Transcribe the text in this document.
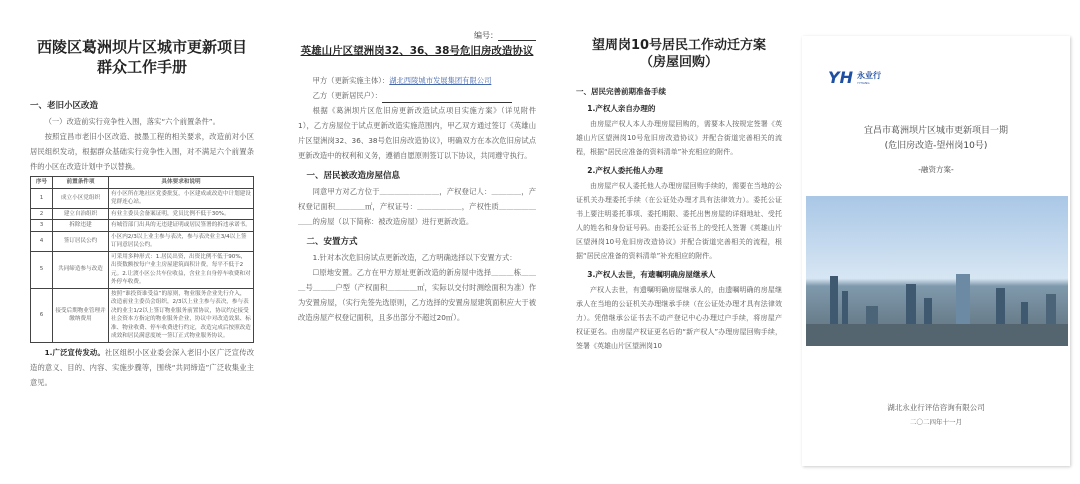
西陵区葛洲坝片区城市更新项目
群众工作手册
一、老旧小区改造
（一）改造前实行竞争性入围，落实“六个前置条件”。
按照宜昌市老旧小区改造、披墨工程的相关要求，改造前对小区居民组织发动，根据群众基础实行竞争性入围，对不满足六个前置条件的小区在改造计划中予以替换。
序号	前置条件项	具体要求和说明
1	成立小区党组织	有小区所在地社区党委批复，小区建成或改造中计划建设党群连心站。
2	建立自治组织	有业主委员会备案证明，党员比例不低于30%。
3	拆除违建	有城管部门出具的无违建证明或居民签署的拆违承诺书。
4	签订居民公约	小区内2/3以上业主参与表决，参与表决业主3/4以上签订同意居民公约。
5	共同缔造参与改造	可采用多种形式：1.居民出资，出资比例不低于90%，出资数额按每户业主房屋建筑面积计费，每平不低于2元。2.让渡小区公共车位收益，含业主自身停车收费和对外停车收费。
6	接受后期物业管理并缴纳费用	按照“谁投资谁受益”的原则，物业服务企业先行介入，改造前业主委员会组织，2/3以上业主参与表决，参与表决的业主1/2以上签订物业服务前置协议，协议约定接受社会资本方指定的物业服务企业，协议中对改造效果、标准、物业收费、停车收费进行约定，改造完成后按照改造成效和居民满意度统一签订正式物业服务协议。
1.广泛宣传发动。社区组织小区业委会深入老旧小区广泛宣传改造的意义、目的、内容、实施步骤等，围绕“共同缔造”广泛收集业主意见。
编号：
英雄山片区望洲岗32、36、38号危旧房改造协议
甲方（更新实施主体）：湖北西陵城市发展集团有限公司
乙方（更新居民户）：
根据《葛洲坝片区危旧房更新改造试点项目实施方案》（详见附件1），乙方房屋位于试点更新改造实施范围内，甲乙双方通过签订《英雄山片区望洲岗32、36、38号危旧房改造协议》，明确双方在本次危旧房试点更新改造中的权利和义务，遵循自愿原则签订以下协议，共同遵守执行。
一、居民被改造房屋信息
同意甲方对乙方位于＿＿＿＿＿＿＿＿，产权登记人：＿＿＿＿，产权登记面积＿＿＿＿㎡，产权证号：＿＿＿＿＿＿，产权性质＿＿＿＿＿＿＿的房屋（以下简称：被改造房屋）进行更新改造。
二、安置方式
1.针对本次危旧房试点更新改造，乙方明确选择以下安置方式：
☐原地安置。乙方在甲方原址更新改造的新房屋中选择＿＿＿栋＿＿＿号＿＿＿户型（产权面积＿＿＿＿㎡，实际以交付时测绘面积为准）作为安置房屋，（实行先签先选原则，乙方选择的安置房屋建筑面积应大于被改造房屋产权登记面积，且多出部分不超过20㎡）。
望周岗10号居民工作动迁方案
（房屋回购）
一、居民完善前期准备手续
1.产权人亲自办理的
由房屋产权人本人办理房屋回购的，需要本人按规定签署《英雄山片区望洲岗10号危旧房改造协议》并配合街道完善相关的流程，根据“居民应准备的资料清单”补充相应的附件。
2.产权人委托他人办理
由房屋产权人委托他人办理房屋回购手续的，需要在当地的公证机关办理委托手续（在公证处办理才具有法律效力）。委托公证书上要注明委托事项、委托期限、委托出售房屋的详细地址、受托人的姓名和身份证号码。由委托公证书上的受托人签署《英雄山片区望洲岗10号危旧房改造协议》并配合街道完善相关的流程，根据“居民应准备的资料清单”补充相应的附件。
3.产权人去世，有遗嘱明确房屋继承人
产权人去世，有遗嘱明确房屋继承人的，由遗嘱明确的房屋继承人在当地的公证机关办理继承手续（在公证处办理才具有法律效力）。凭借继承公证书去不动产登记中心办理过户手续，将房屋产权证更名。由房屋产权证更名后的“新产权人”办理房屋回购手续，签署《英雄山片区望洲岗10
YH 永业行
YYHANG
宜昌市葛洲坝片区城市更新项目一期
(危旧房改造-望州岗10号)
-融资方案-
湖北永业行评估咨询有限公司
二〇二四年十一月
